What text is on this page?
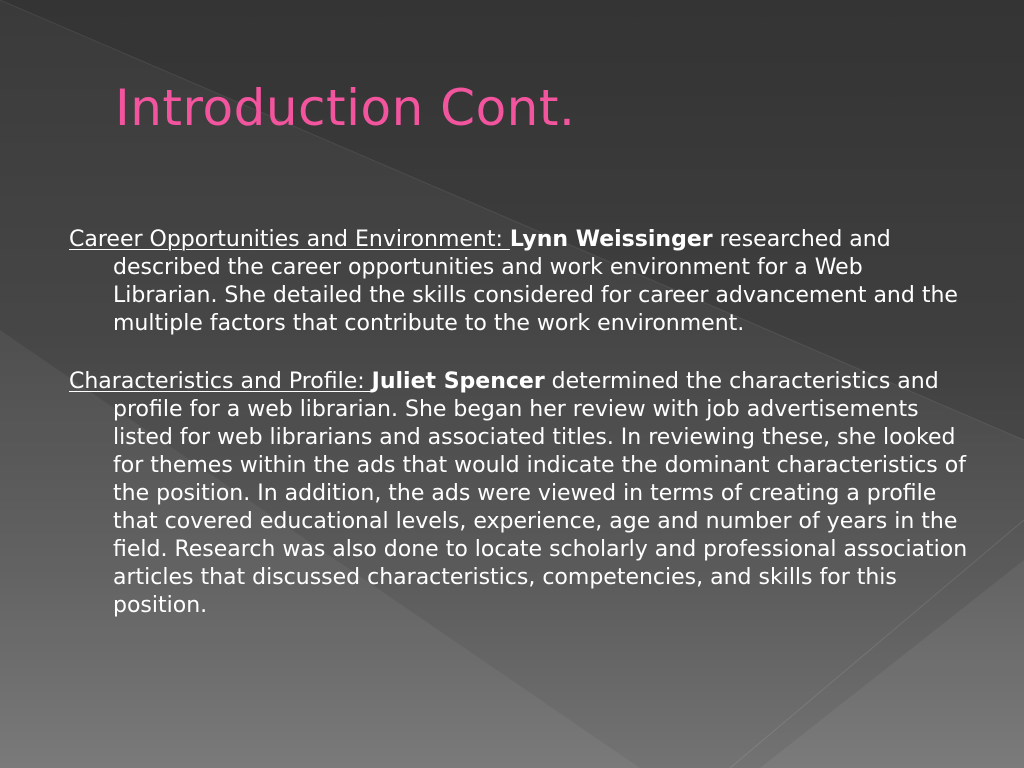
Introduction Cont.

Career Opportunities and Environment: Lynn Weissinger researched and described the career opportunities and work environment for a Web Librarian. She detailed the skills considered for career advancement and the multiple factors that contribute to the work environment.

Characteristics and Profile: Juliet Spencer determined the characteristics and profile for a web librarian. She began her review with job advertisements listed for web librarians and associated titles. In reviewing these, she looked for themes within the ads that would indicate the dominant characteristics of the position. In addition, the ads were viewed in terms of creating a profile that covered educational levels, experience, age and number of years in the field. Research was also done to locate scholarly and professional association articles that discussed characteristics, competencies, and skills for this position.
